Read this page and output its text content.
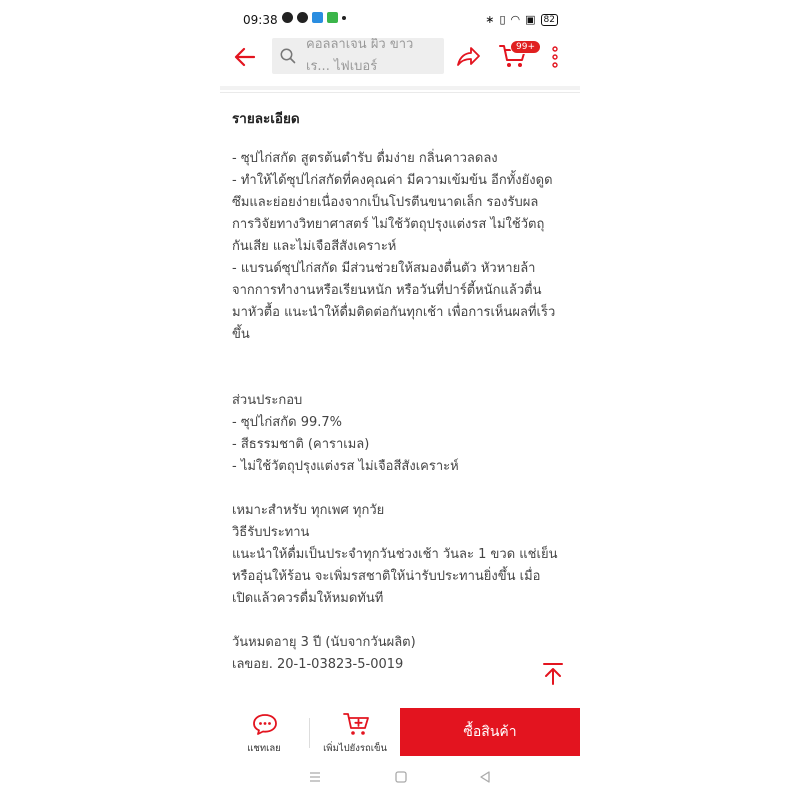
09:38	∗ ▯ ◠ ▣ 82
คอลลาเจน ผิว ขาว เร... ไฟเบอร์
99+
รายละเอียด
- ซุปไก่สกัด สูตรต้นตำรับ ดื่มง่าย กลิ่นคาวลดลง
- ทำให้ได้ซุปไก่สกัดที่คงคุณค่า มีความเข้มข้น อีกทั้งยังดูด
ซึมและย่อยง่ายเนื่องจากเป็นโปรตีนขนาดเล็ก รองรับผล
การวิจัยทางวิทยาศาสตร์ ไม่ใช้วัตถุปรุงแต่งรส ไม่ใช้วัตถุ
กันเสีย และไม่เจือสีสังเคราะห์
- แบรนด์ซุปไก่สกัด มีส่วนช่วยให้สมองตื่นตัว หัวหายล้า
จากการทำงานหรือเรียนหนัก หรือวันที่ปาร์ตี้หนักแล้วตื่น
มาหัวตื้อ แนะนำให้ดื่มติดต่อกันทุกเช้า เพื่อการเห็นผลที่เร็ว
ขึ้น
ส่วนประกอบ
- ซุปไก่สกัด 99.7%
- สีธรรมชาติ (คาราเมล)
- ไม่ใช้วัตถุปรุงแต่งรส ไม่เจือสีสังเคราะห์
เหมาะสำหรับ ทุกเพศ ทุกวัย
วิธีรับประทาน
แนะนำให้ดื่มเป็นประจำทุกวันช่วงเช้า วันละ 1 ขวด แช่เย็น
หรืออุ่นให้ร้อน จะเพิ่มรสชาติให้น่ารับประทานยิ่งขึ้น เมื่อ
เปิดแล้วควรดื่มให้หมดทันที
วันหมดอายุ 3 ปี (นับจากวันผลิต)
เลขอย. 20-1-03823-5-0019
แชทเลย	เพิ่มไปยังรถเข็น
ซื้อสินค้า
